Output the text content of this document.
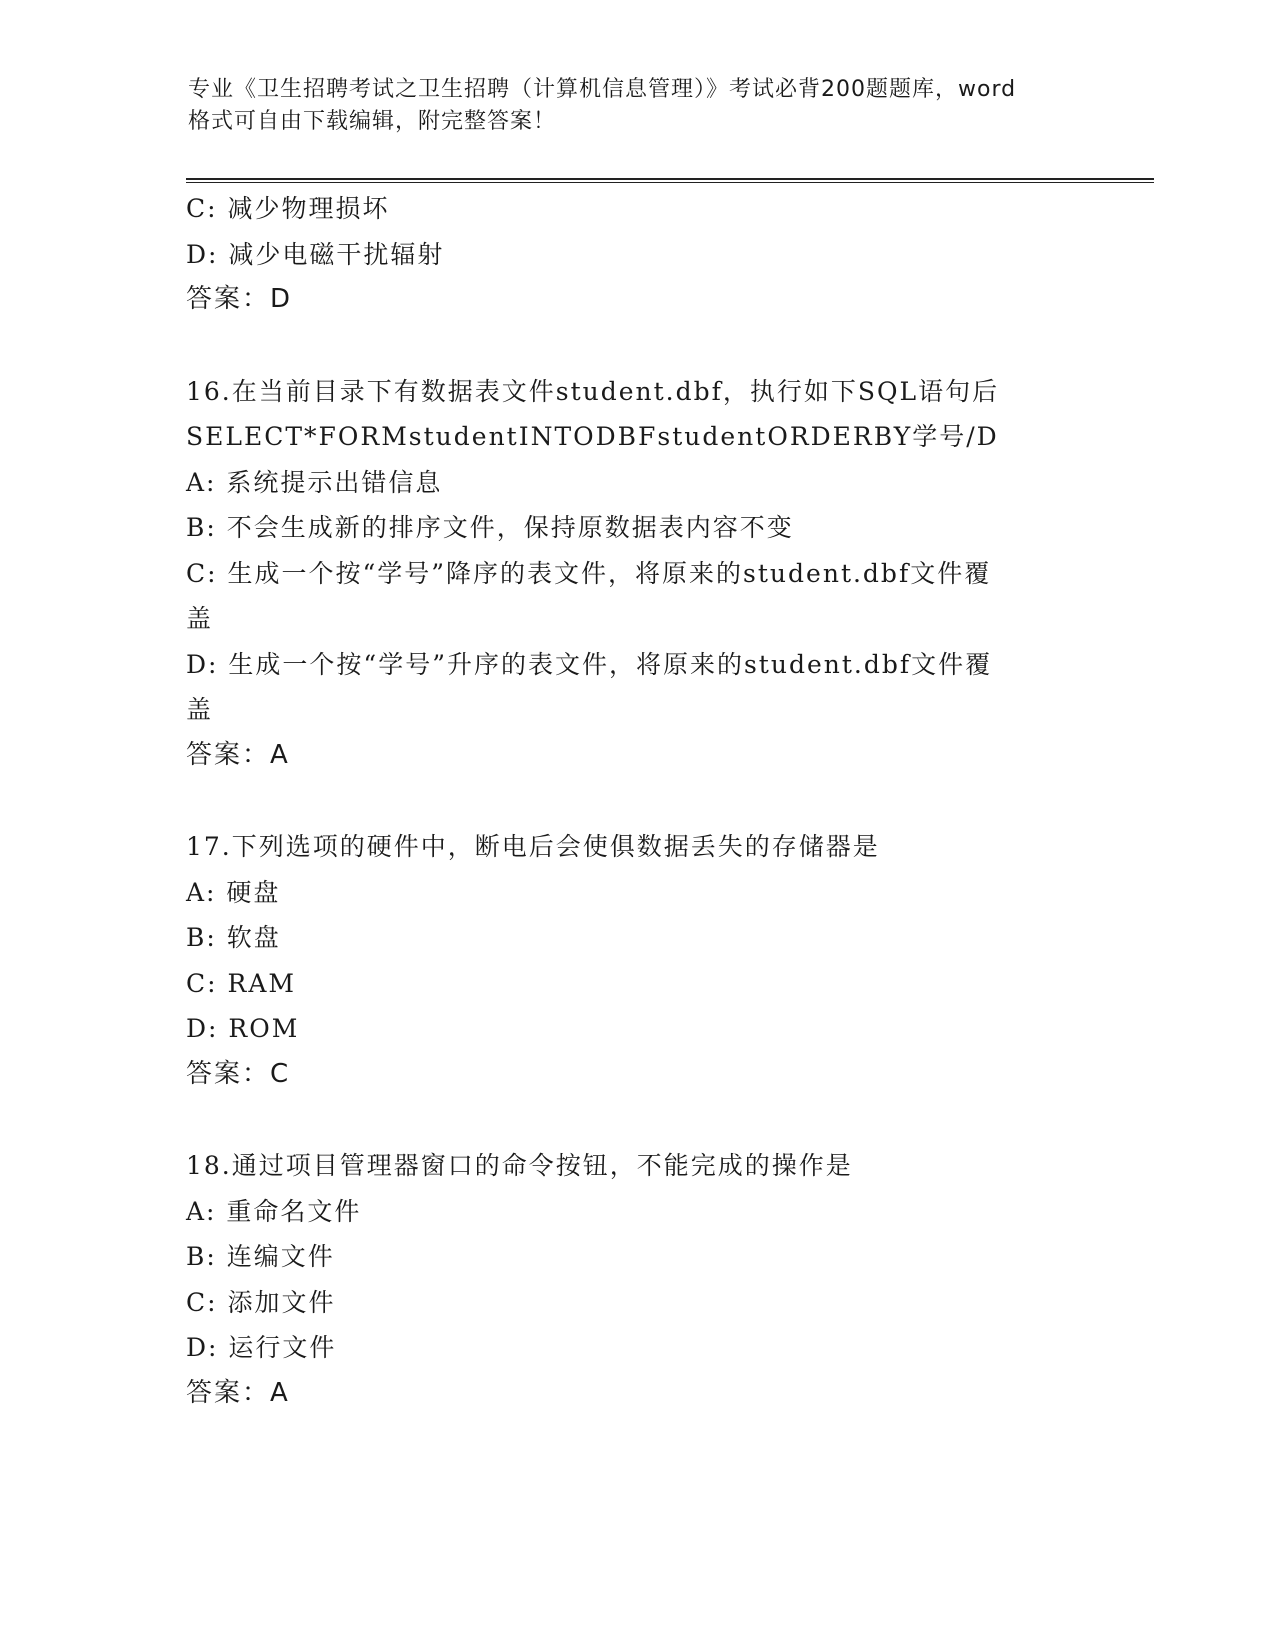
专业《卫生招聘考试之卫生招聘（计算机信息管理）》考试必背200题题库，word
格式可自由下载编辑，附完整答案！
C: 减少物理损坏
D: 减少电磁干扰辐射
答案：D
16.在当前目录下有数据表文件student.dbf，执行如下SQL语句后
SELECT*FORMstudentINTODBFstudentORDERBY学号/D
A: 系统提示出错信息
B: 不会生成新的排序文件，保持原数据表内容不变
C: 生成一个按“学号”降序的表文件，将原来的student.dbf文件覆
盖
D: 生成一个按“学号”升序的表文件，将原来的student.dbf文件覆
盖
答案：A
17.下列选项的硬件中，断电后会使俱数据丢失的存储器是
A: 硬盘
B: 软盘
C: RAM
D: ROM
答案：C
18.通过项目管理器窗口的命令按钮，不能完成的操作是
A: 重命名文件
B: 连编文件
C: 添加文件
D: 运行文件
答案：A
